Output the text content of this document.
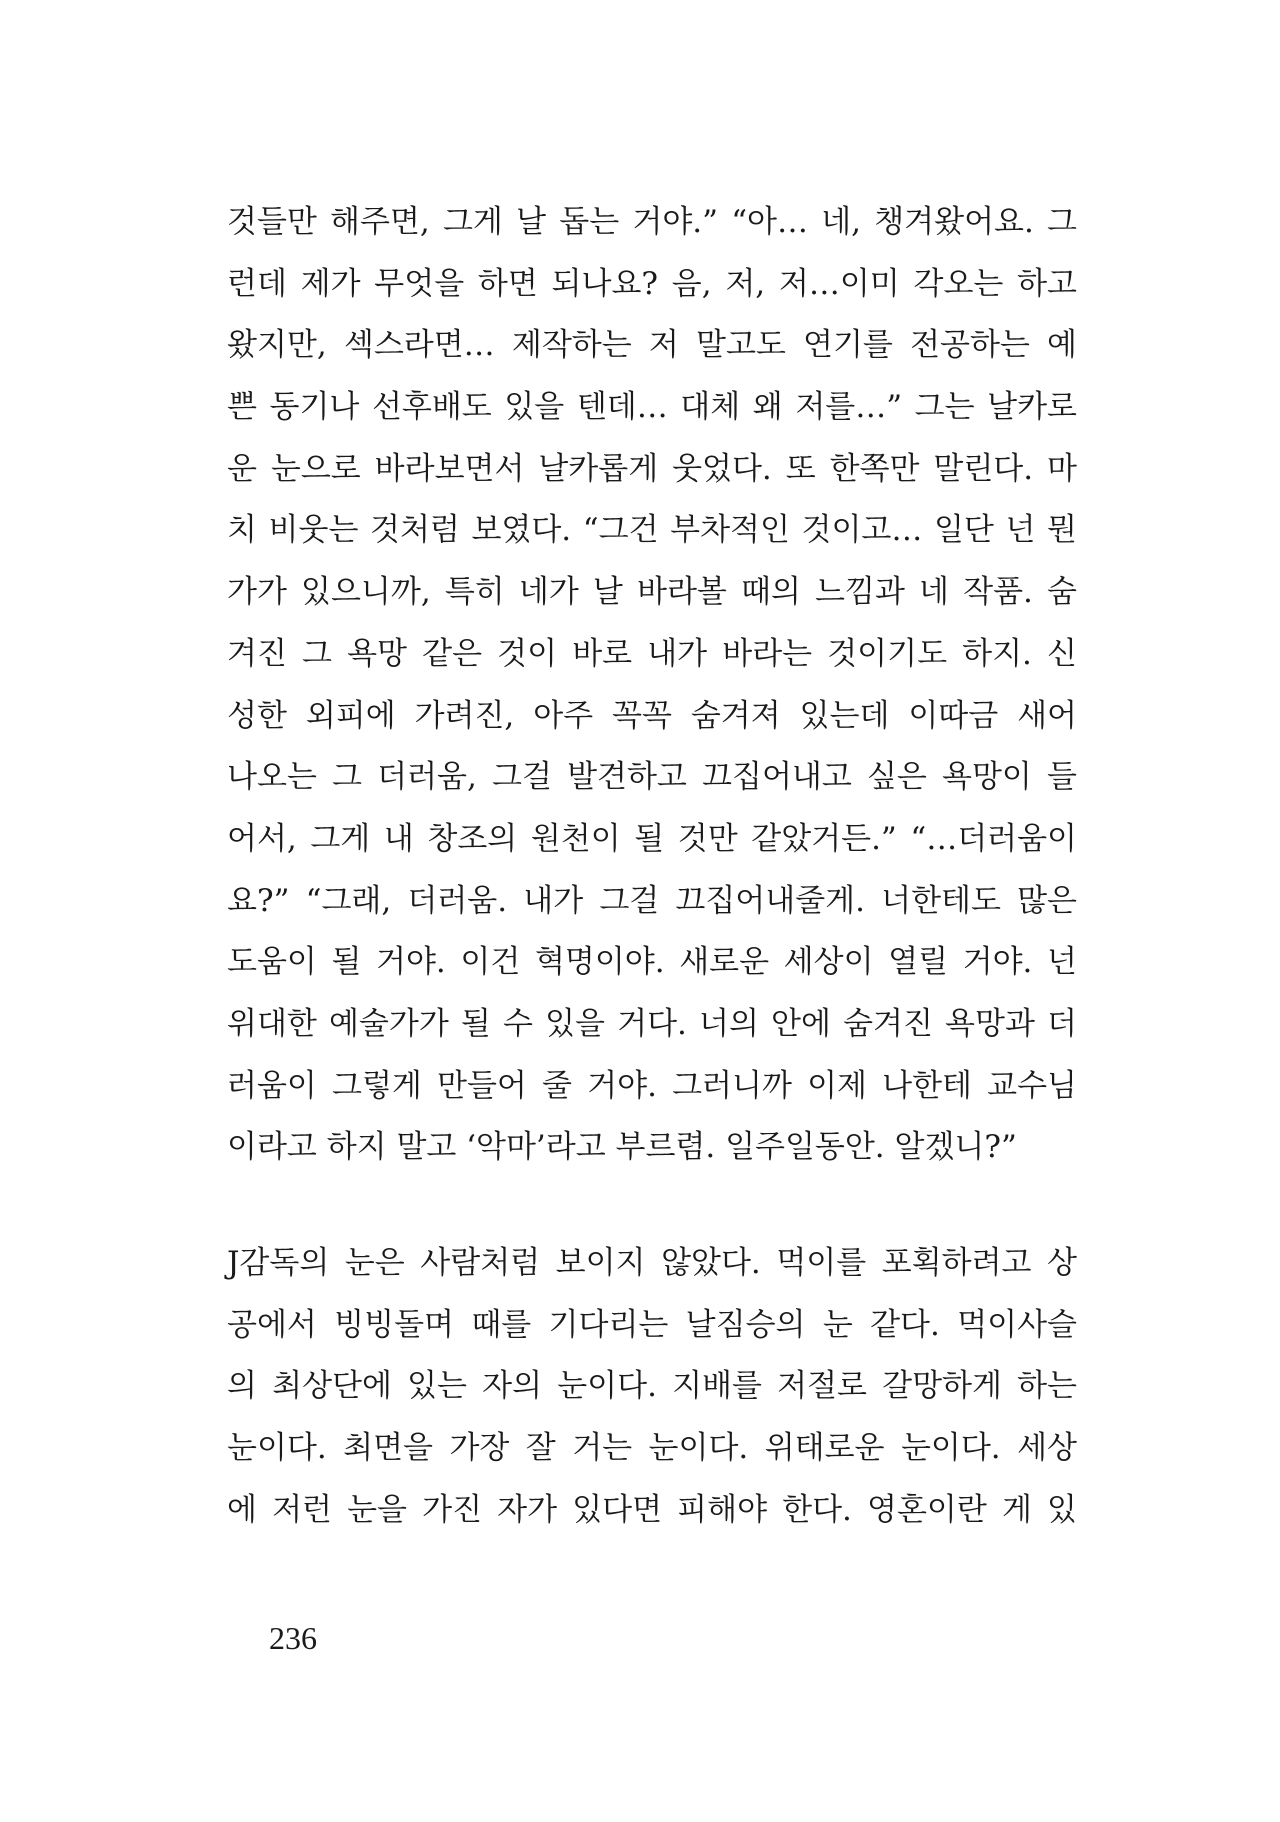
것들만 해주면, 그게 날 돕는 거야.” “아… 네, 챙겨왔어요. 그
런데 제가 무엇을 하면 되나요? 음, 저, 저…이미 각오는 하고
왔지만, 섹스라면… 제작하는 저 말고도 연기를 전공하는 예
쁜 동기나 선후배도 있을 텐데… 대체 왜 저를…” 그는 날카로
운 눈으로 바라보면서 날카롭게 웃었다. 또 한쪽만 말린다. 마
치 비웃는 것처럼 보였다. “그건 부차적인 것이고… 일단 넌 뭔
가가 있으니까, 특히 네가 날 바라볼 때의 느낌과 네 작품. 숨
겨진 그 욕망 같은 것이 바로 내가 바라는 것이기도 하지. 신
성한 외피에 가려진, 아주 꼭꼭 숨겨져 있는데 이따금 새어
나오는 그 더러움, 그걸 발견하고 끄집어내고 싶은 욕망이 들
어서, 그게 내 창조의 원천이 될 것만 같았거든.” “…더러움이
요?” “그래, 더러움. 내가 그걸 끄집어내줄게. 너한테도 많은
도움이 될 거야. 이건 혁명이야. 새로운 세상이 열릴 거야. 넌
위대한 예술가가 될 수 있을 거다. 너의 안에 숨겨진 욕망과 더
러움이 그렇게 만들어 줄 거야. 그러니까 이제 나한테 교수님
이라고 하지 말고 ‘악마’라고 부르렴. 일주일동안. 알겠니?”
J감독의 눈은 사람처럼 보이지 않았다. 먹이를 포획하려고 상
공에서 빙빙돌며 때를 기다리는 날짐승의 눈 같다. 먹이사슬
의 최상단에 있는 자의 눈이다. 지배를 저절로 갈망하게 하는
눈이다. 최면을 가장 잘 거는 눈이다. 위태로운 눈이다. 세상
에 저런 눈을 가진 자가 있다면 피해야 한다. 영혼이란 게 있
236
